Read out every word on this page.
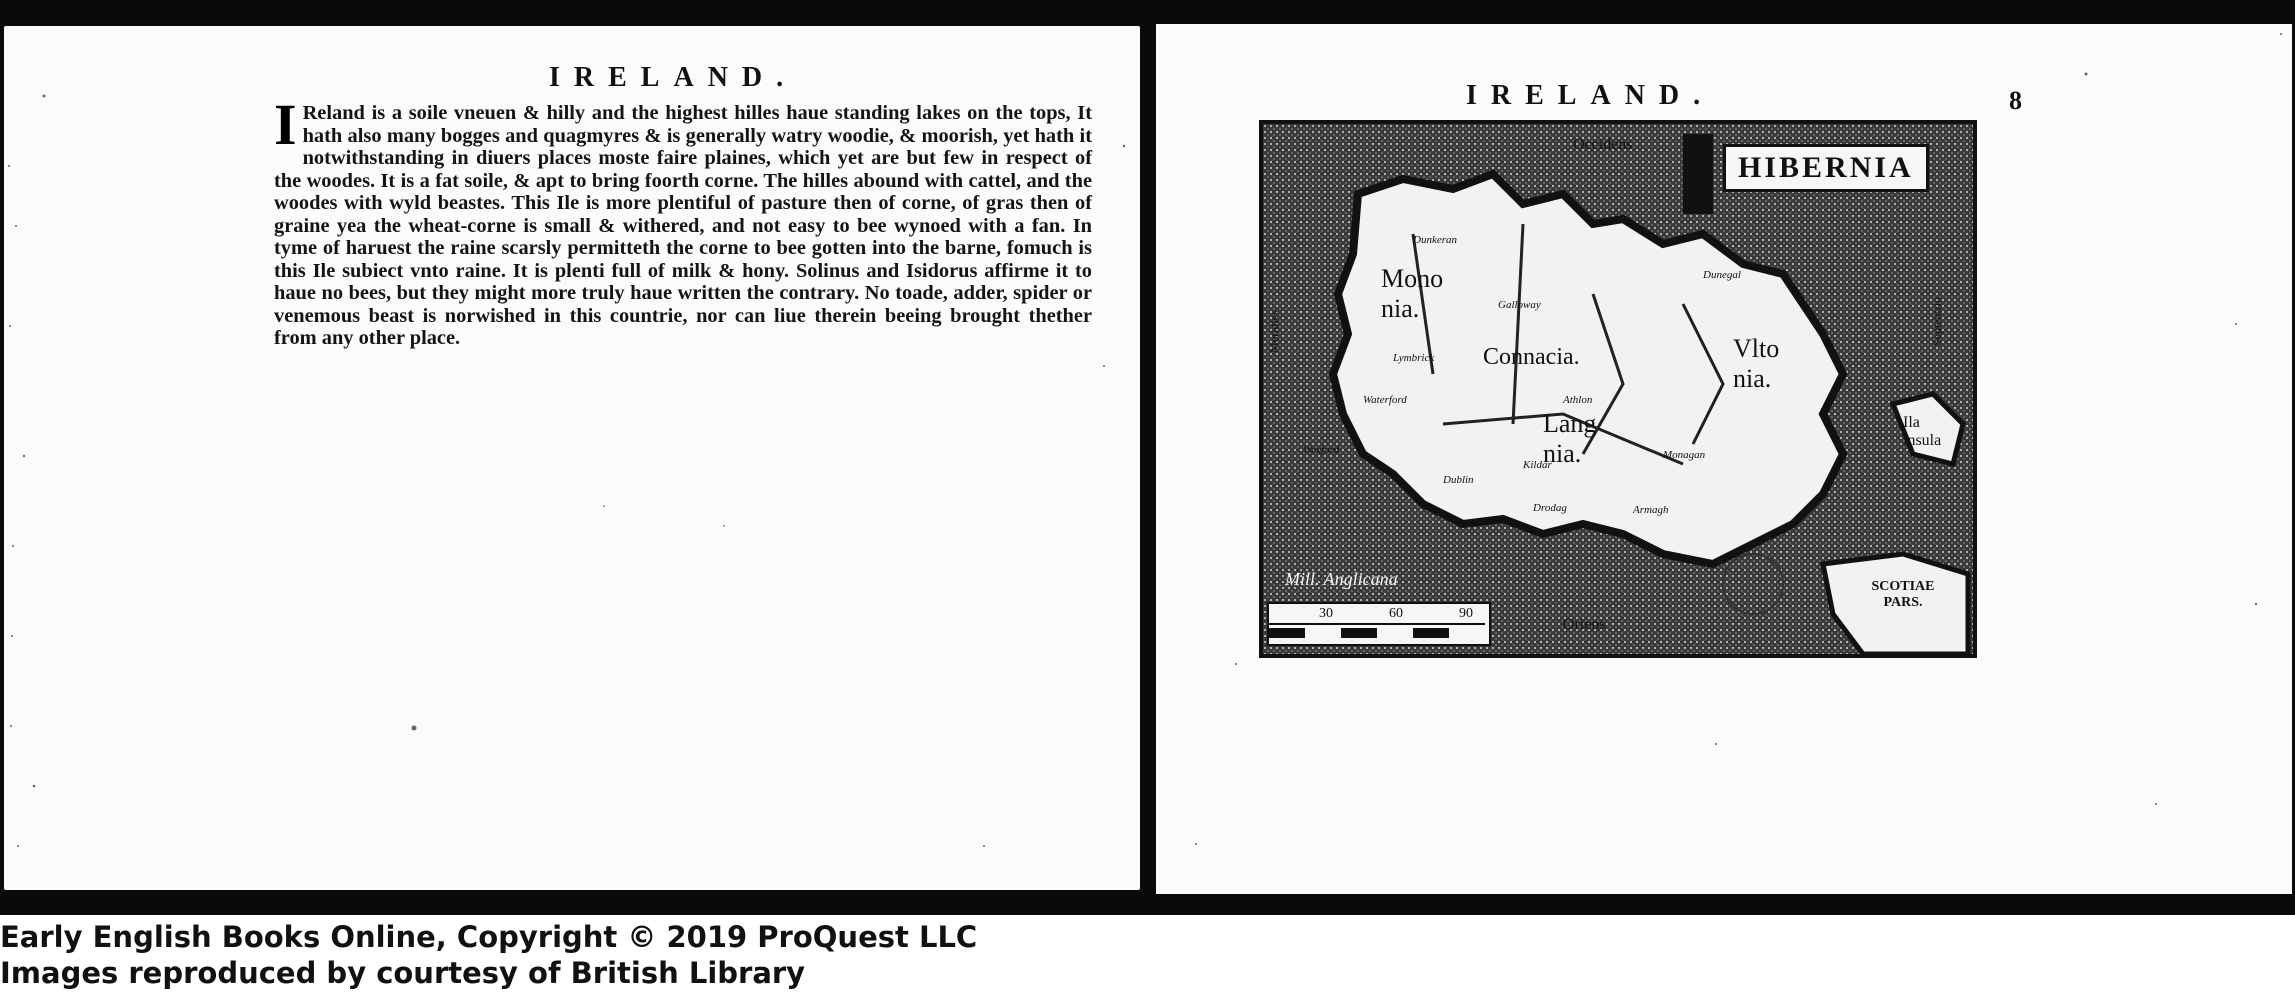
IRELAND.

I Reland is a soile vneuen & hilly and the highest hilles haue standing lakes on the tops, It hath also many bogges and quagmyres & is generally watry woodie, & moorish, yet hath it notwithstanding in diuers places moste faire plaines, which yet are but few in respect of the woodes. It is a fat soile, & apt to bring foorth corne. The hilles abound with cattel, and the woodes with wyld beastes. This Ile is more plentiful of pasture then of corne, of gras then of graine yea the wheat-corne is small & withered, and not easy to bee wynoed with a fan. In tyme of haruest the raine scarsly permitteth the corne to bee gotten into the barne, fomuch is this Ile subiect vnto raine. It is plenti full of milk & hony. Solinus and Isidorus affirme it to haue no bees, but they might more truly haue written the contrary. No toade, adder, spider or venemous beast is norwished in this countrie, nor can liue therein beeing brought thether from any other place.

IRELAND.	8
HIBERNIA
Occidens
Oriens
Meridies	Septentrio
Mono nia.
Connacia.	Vlto nia.
Lang nia.
Dunkeran
Lymbrick
Waterford
Wexford
Dublin
Kildar
Drodag	Armagh
Monagan
Athlon
Galloway
Dunegal
Ila insula
SCOTIAE PARS.
Mill. Anglicana
30	60	90
Early English Books Online, Copyright © 2019 ProQuest LLC
Images reproduced by courtesy of British Library
